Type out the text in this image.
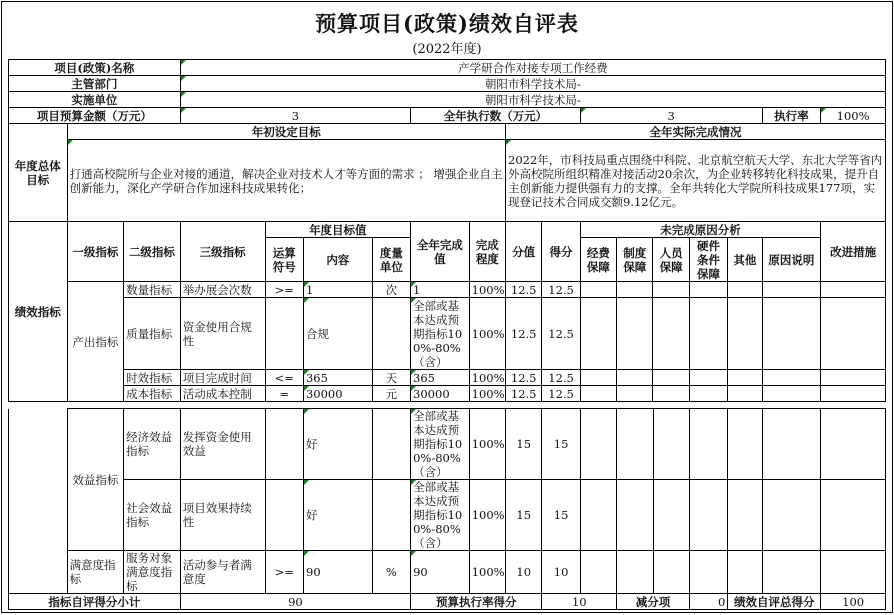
预算项目(政策)绩效自评表
(2022年度)
项目(政策)名称			产学研合作对接专项工作经费														
主管部门			朝阳市科学技术局-														
实施单位			朝阳市科学技术局-														
项目预算金额（万元）			3				全年执行数（万元）				3					执行率	100%
年度总体目标	年初设定目标								全年实际完成情况								
	打通高校院所与企业对接的通道，解决企业对技术人才等方面的需求 ； 增强企业自主创新能力，深化产学研合作加速科技成果转化；								2022年，市科技局重点围绕中科院、北京航空航天大学、东北大学等省内外高校院所组织精准对接活动20余次，为企业转移转化科技成果，提升自主创新能力提供强有力的支撑。全年共转化大学院所科技成果177项，实现登记技术合同成交额9.12亿元。								
绩效指标	一级指标	二级指标	三级指标	年度目标值			全年完成值	完成程度	分值	得分	未完成原因分析						改进措施
				运算符号	内容	度量单位					经费保障	制度保障	人员保障	硬件条件保障	其他	原因说明	
	产出指标	数量指标	举办展会次数	>=	1	次	1	100%	12.5	12.5							
		质量指标	资金使用合规性		合规		全部或基本达成预期指标100%-80%（含）	100%	12.5	12.5							
		时效指标	项目完成时间	<=	365	天	365	100%	12.5	12.5							
		成本指标	活动成本控制	=	30000	元	30000	100%	12.5	12.5							
	效益指标	经济效益指标	发挥资金使用效益		好		全部或基本达成预期指标100%-80%（含）	100%	15	15							
		社会效益指标	项目效果持续性		好		全部或基本达成预期指标100%-80%（含）	100%	15	15							
	满意度指标	服务对象满意度指标	活动参与者满意度	>=	90	%	90	100%	10	10							
指标自评得分小计			90				预算执行率得分			10		减分项		0	绩效自评总得分		100
